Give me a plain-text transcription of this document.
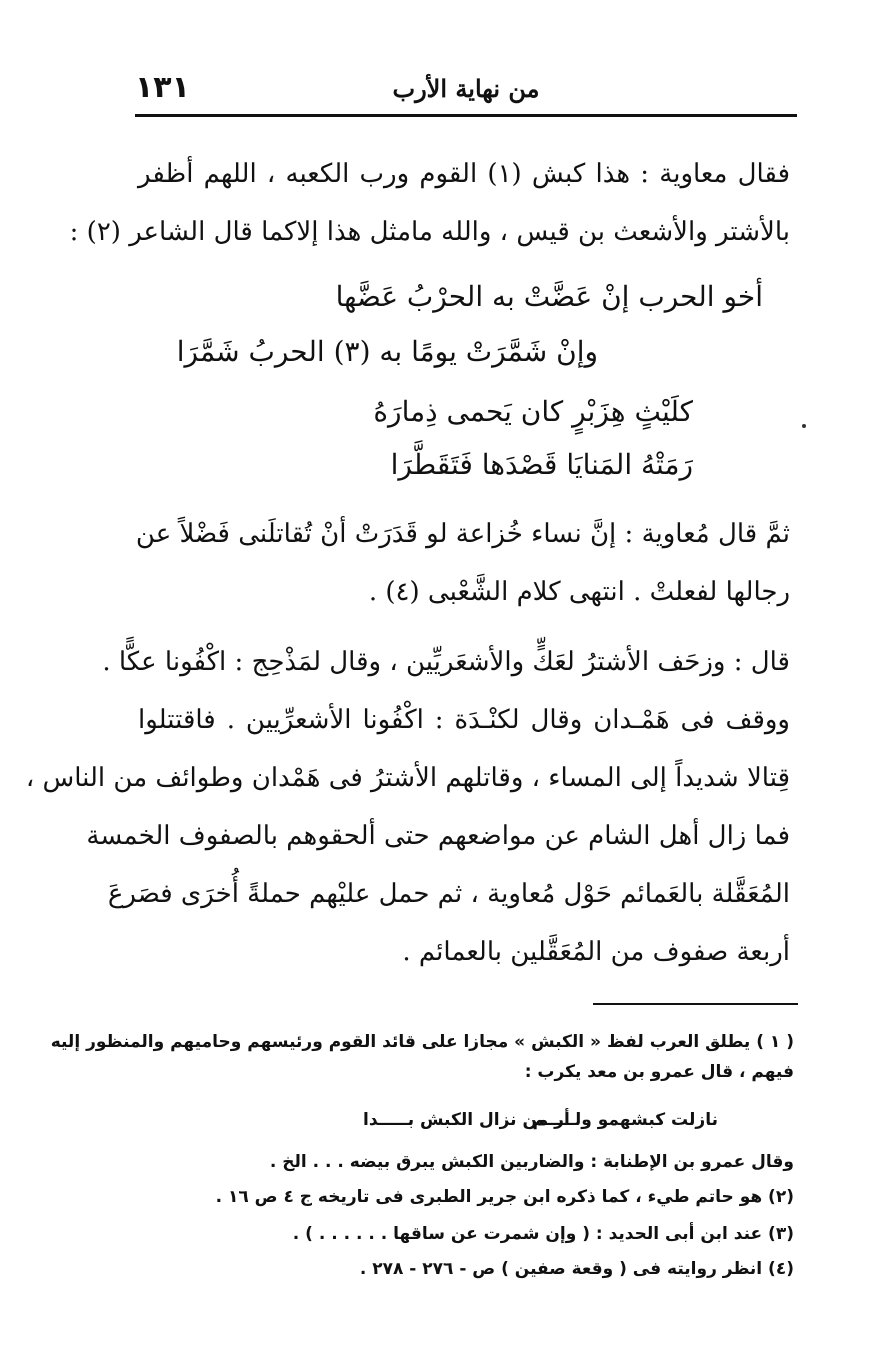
١٣١	من نهاية الأرب
فقال معاوية : هذا كبش (١) القوم ورب الكعبه ، اللهم أظفر
بالأشتر والأشعث بن قيس ، والله مامثل هذا إلاكما قال الشاعر (٢) :
أخو الحرب إنْ عَضَّتْ به الحرْبُ عَضَّها
وإنْ شَمَّرَتْ يومًا به (٣) الحربُ شَمَّرَا
كلَيْثٍ هِزَبْرٍ كان يَحمى ذِمارَهُ
رَمَتْهُ المَنايَا قَصْدَها فَتَقَطَّرَا
ثمَّ قال مُعاوية : إنَّ نساء خُزاعة لو قَدَرَتْ أنْ تُقاتلَنى فَضْلاً عن
رجالها لفعلتْ . انتهى كلام الشَّعْبى (٤) .
قال : وزحَف الأشترُ لعَكٍّ والأشعَريِّين ، وقال لمَذْحِج : اكْفُونا عكًّا .
ووقف فى هَمْـدان وقال لكنْـدَة : اكْفُونا الأشعرِّيين . فاقتتلوا
قِتالا شديداً إلى المساء ، وقاتلهم الأشترُ فى هَمْدان وطوائف من الناس ،
فما زال أهل الشام عن مواضعهم حتى ألحقوهم بالصفوف الخمسة
المُعَقَّلة بالعَمائم حَوْل مُعاوية ، ثم حمل عليْهم حملةً أُخرَى فصَرعَ
أربعة صفوف من المُعَقَّلين بالعمائم .
( ١ ) يطلق العرب لفظ « الكبش » مجازا على قائد القوم ورئيسهم وحاميهم والمنظور إليه
فيهم ، قال عمرو بن معد يكرب :
نازلت كبشهمو ولـــــم
أر من نزال الكبش بـــــدا
وقال عمرو بن الإطنابة : والضاربين الكبش يبرق بيضه . . . الخ .
(٢) هو حاتم طيء ، كما ذكره ابن جرير الطبرى فى تاريخه ج ٤ ص ١٦ .
(٣) عند ابن أبى الحديد : ( وإن شمرت عن ساقها . . . . . . ) .
(٤) انظر روايته فى ( وقعة صفين ) ص - ٢٧٦ - ٢٧٨ .
